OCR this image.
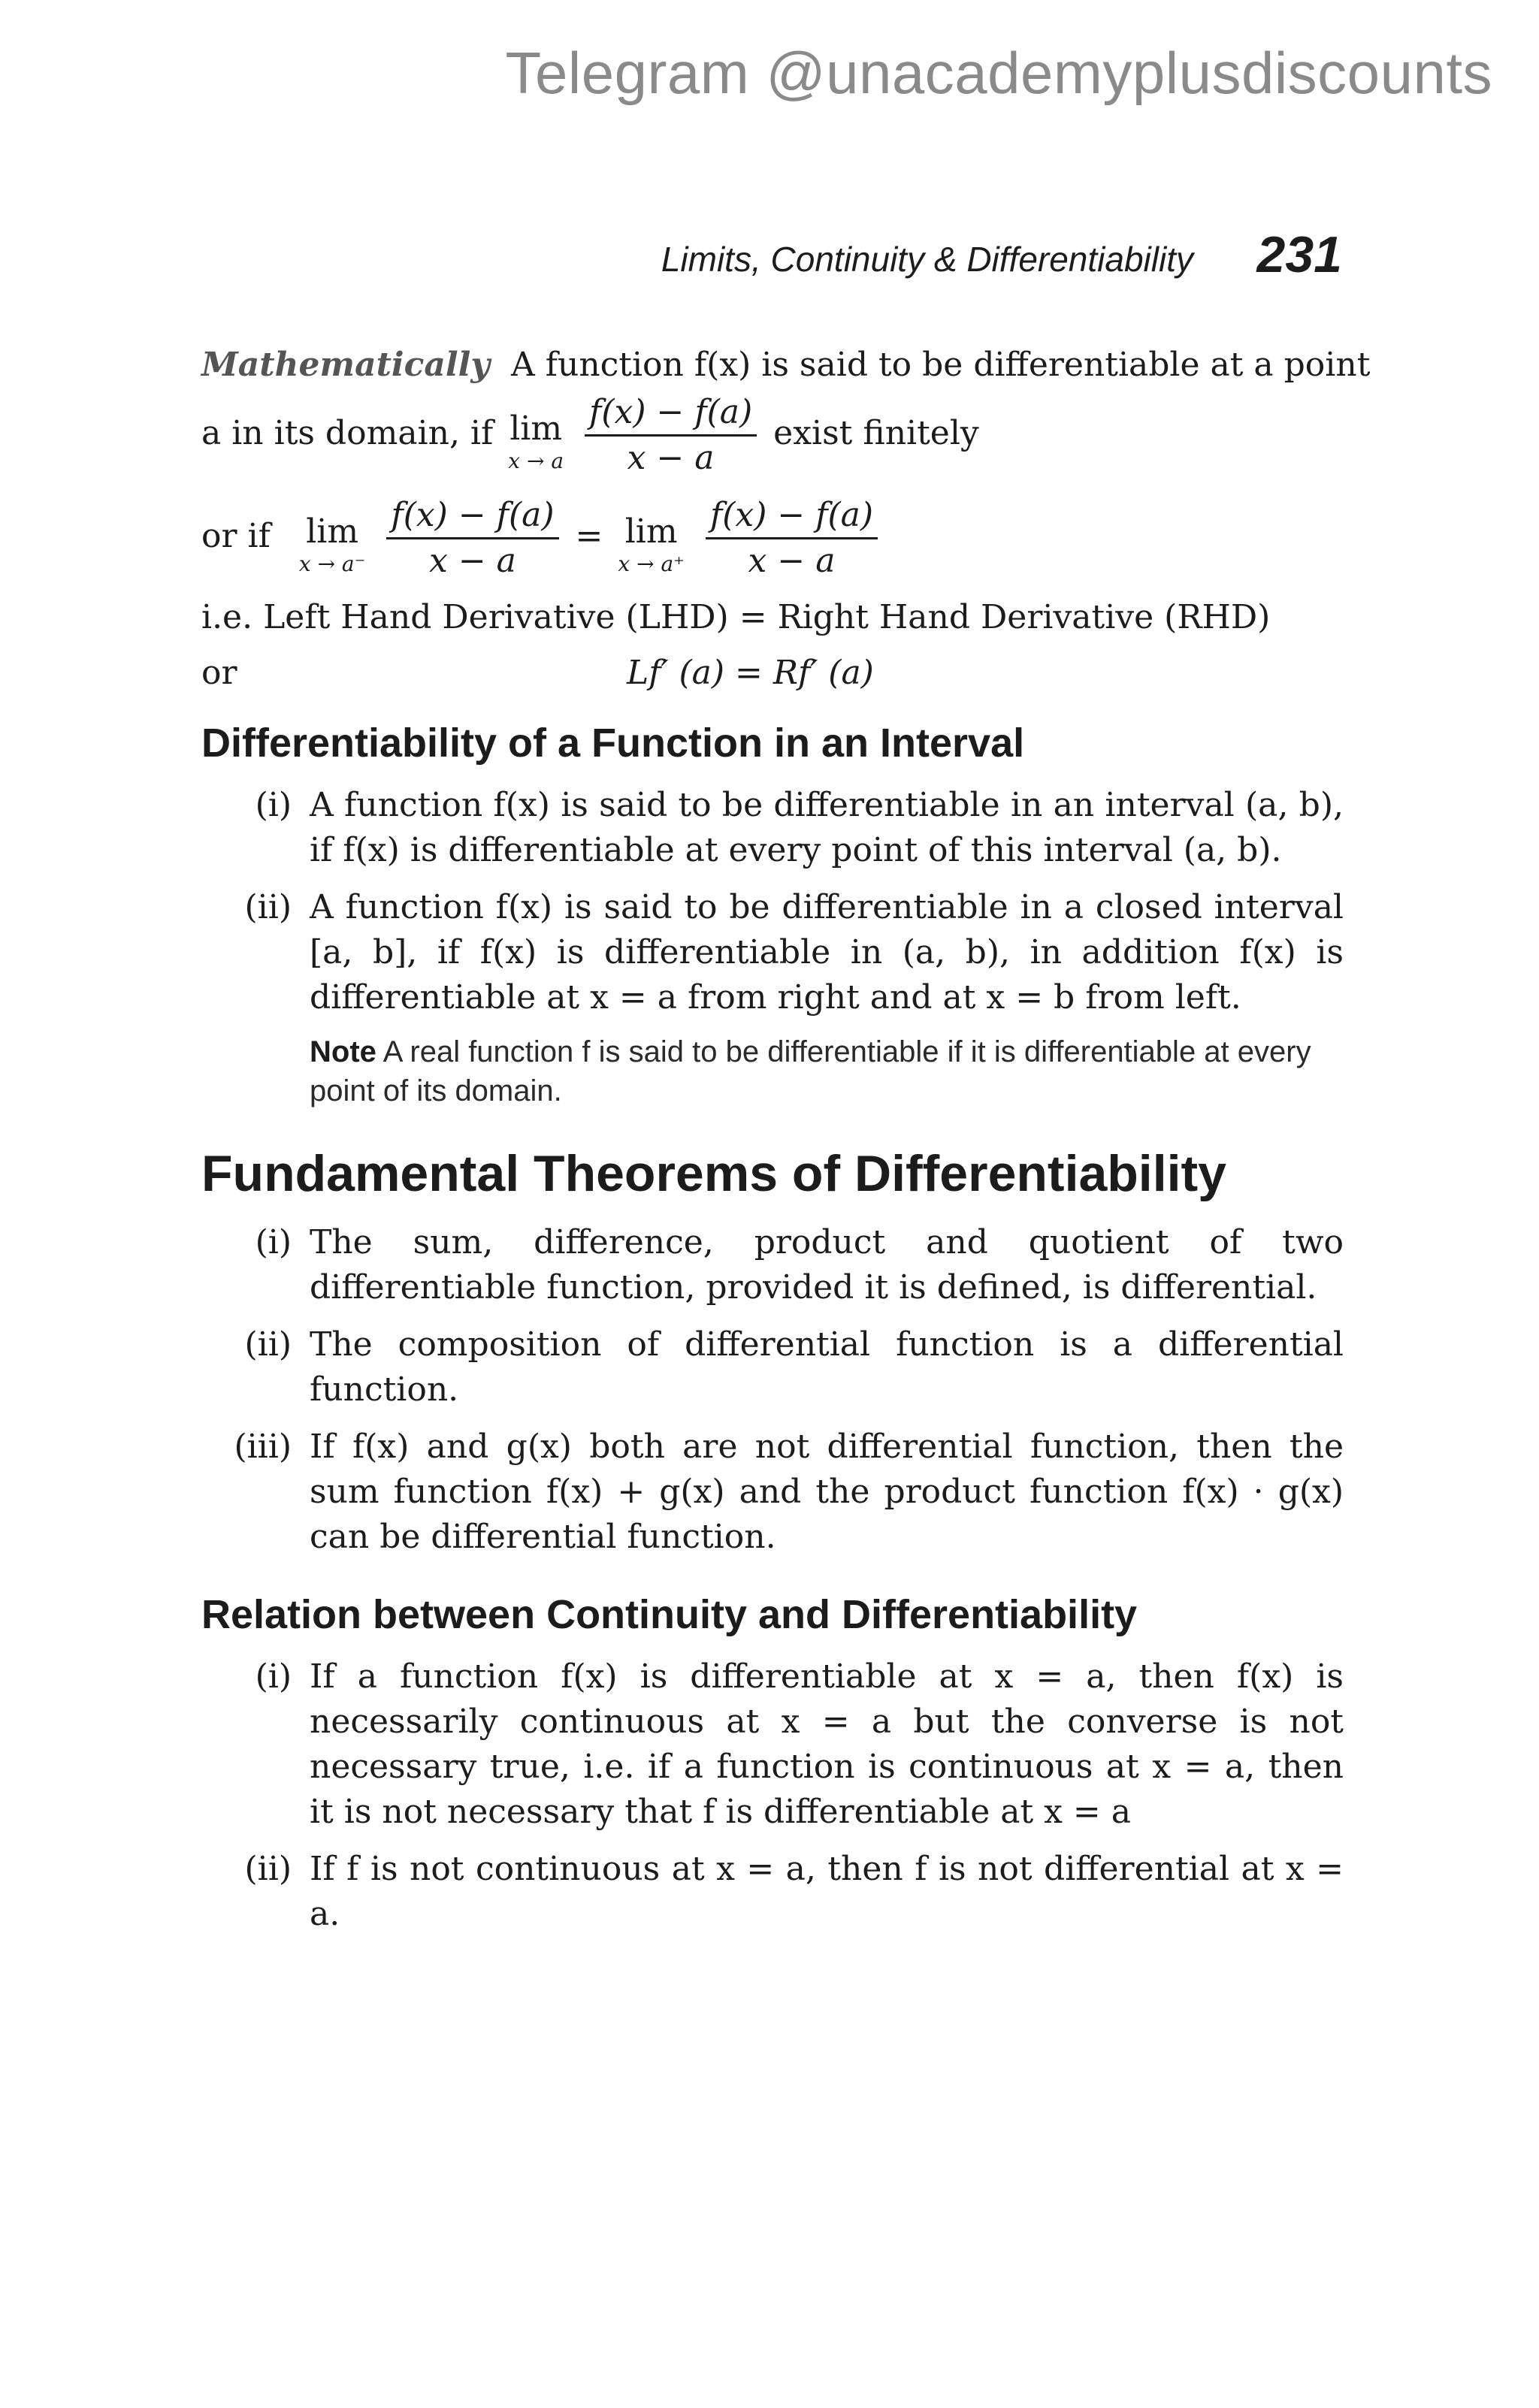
Telegram @unacademyplusdiscounts
Limits, Continuity & Differentiability 231
Mathematically A function f(x) is said to be differentiable at a point
a in its domain, if lim
x → a
$\frac{f(x) - f(a)}{x - a}$ exist finitely
or if lim
x → a⁻
$\frac{f(x) - f(a)}{x - a} = \lim$
x → a⁺
$\frac{f(x) - f(a)}{x - a}$
i.e. Left Hand Derivative (LHD) = Right Hand Derivative (RHD)
or	Lf′ (a) = Rf′ (a)
Differentiability of a Function in an Interval
(i) A function f(x) is said to be differentiable in an interval (a, b), if f(x) is differentiable at every point of this interval (a, b).
(ii) A function f(x) is said to be differentiable in a closed interval [a, b], if f(x) is differentiable in (a, b), in addition f(x) is differentiable at x = a from right and at x = b from left.
Note A real function f is said to be differentiable if it is differentiable at every point of its domain.
Fundamental Theorems of Differentiability
(i) The sum, difference, product and quotient of two differentiable function, provided it is defined, is differential.
(ii) The composition of differential function is a differential function.
(iii) If f(x) and g(x) both are not differential function, then the sum function f(x) + g(x) and the product function f(x) · g(x) can be differential function.
Relation between Continuity and Differentiability
(i) If a function f(x) is differentiable at x = a, then f(x) is necessarily continuous at x = a but the converse is not necessary true, i.e. if a function is continuous at x = a, then it is not necessary that f is differentiable at x = a
(ii) If f is not continuous at x = a, then f is not differential at x = a.
